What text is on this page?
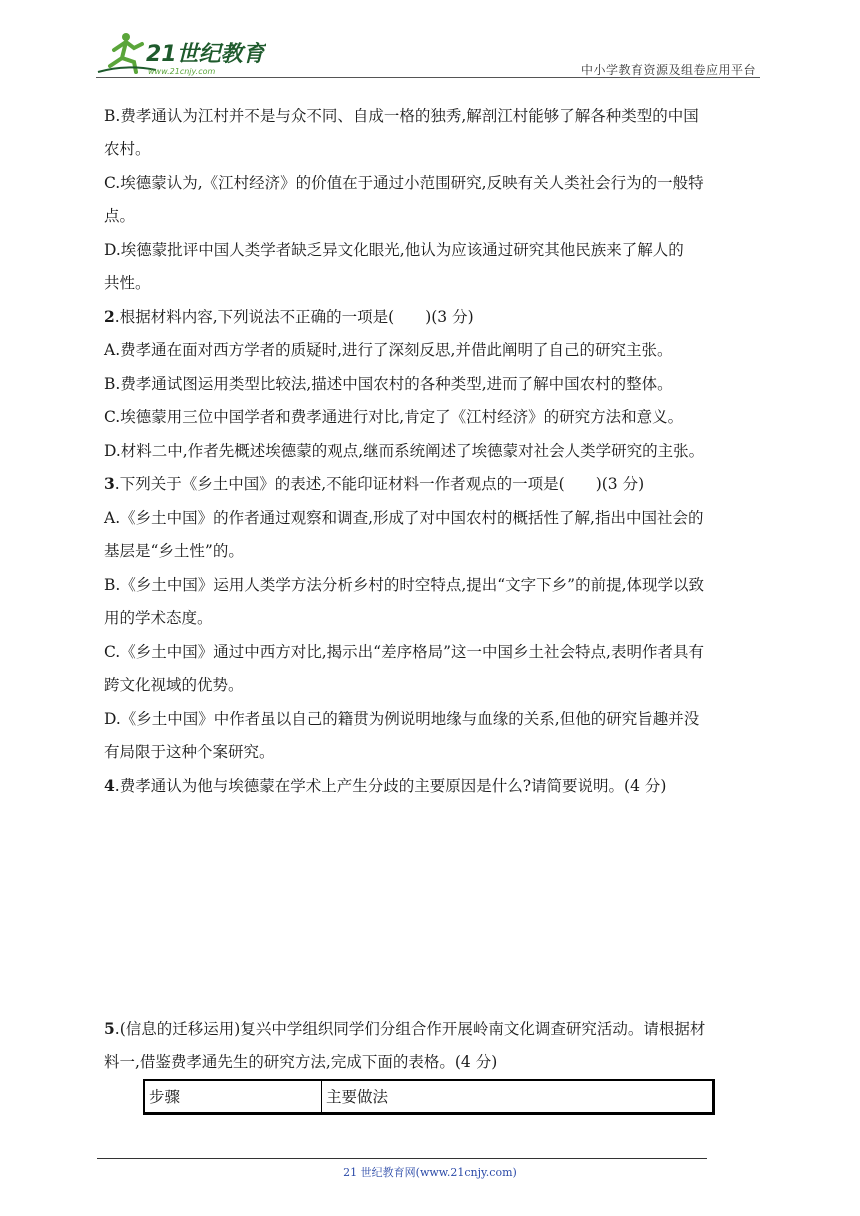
21世纪教育
www.21cnjy.com	中小学教育资源及组卷应用平台
B.费孝通认为江村并不是与众不同、自成一格的独秀,解剖江村能够了解各种类型的中国
农村。
C.埃德蒙认为,《江村经济》的价值在于通过小范围研究,反映有关人类社会行为的一般特
点。
D.埃德蒙批评中国人类学者缺乏异文化眼光,他认为应该通过研究其他民族来了解人的
共性。
2.根据材料内容,下列说法不正确的一项是(　　)(3 分)
A.费孝通在面对西方学者的质疑时,进行了深刻反思,并借此阐明了自己的研究主张。
B.费孝通试图运用类型比较法,描述中国农村的各种类型,进而了解中国农村的整体。
C.埃德蒙用三位中国学者和费孝通进行对比,肯定了《江村经济》的研究方法和意义。
D.材料二中,作者先概述埃德蒙的观点,继而系统阐述了埃德蒙对社会人类学研究的主张。
3.下列关于《乡土中国》的表述,不能印证材料一作者观点的一项是(　　)(3 分)
A.《乡土中国》的作者通过观察和调查,形成了对中国农村的概括性了解,指出中国社会的
基层是“乡土性”的。
B.《乡土中国》运用人类学方法分析乡村的时空特点,提出“文字下乡”的前提,体现学以致
用的学术态度。
C.《乡土中国》通过中西方对比,揭示出“差序格局”这一中国乡土社会特点,表明作者具有
跨文化视域的优势。
D.《乡土中国》中作者虽以自己的籍贯为例说明地缘与血缘的关系,但他的研究旨趣并没
有局限于这种个案研究。
4.费孝通认为他与埃德蒙在学术上产生分歧的主要原因是什么?请简要说明。(4 分)
5.(信息的迁移运用)复兴中学组织同学们分组合作开展岭南文化调查研究活动。请根据材
料一,借鉴费孝通先生的研究方法,完成下面的表格。(4 分)
步骤	主要做法
21 世纪教育网(www.21cnjy.com)
